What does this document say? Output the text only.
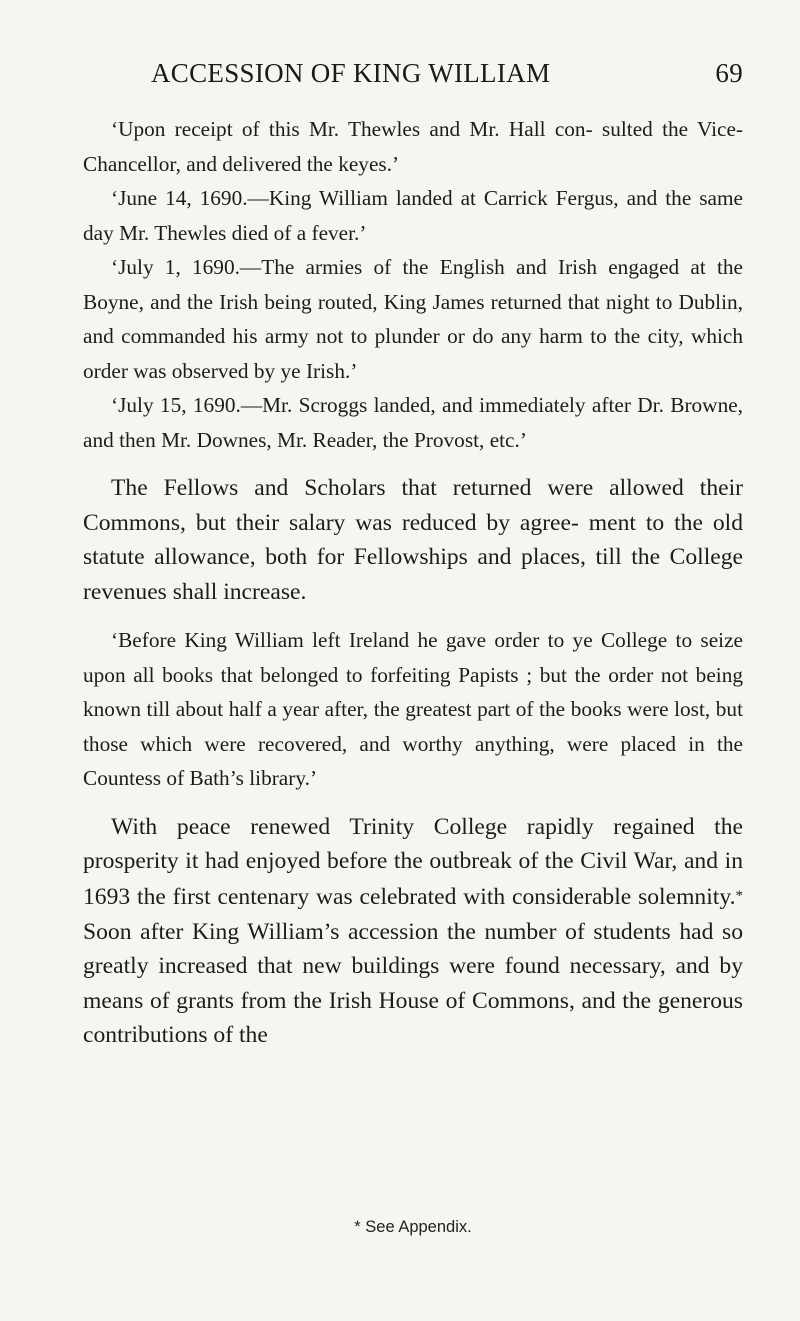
ACCESSION OF KING WILLIAM	69

‘Upon receipt of this Mr. Thewles and Mr. Hall con- sulted the Vice-Chancellor, and delivered the keyes.’

‘June 14, 1690.—King William landed at Carrick Fergus, and the same day Mr. Thewles died of a fever.’

‘July 1, 1690.—The armies of the English and Irish engaged at the Boyne, and the Irish being routed, King James returned that night to Dublin, and commanded his army not to plunder or do any harm to the city, which order was observed by ye Irish.’

‘July 15, 1690.—Mr. Scroggs landed, and immediately after Dr. Browne, and then Mr. Downes, Mr. Reader, the Provost, etc.’

The Fellows and Scholars that returned were allowed their Commons, but their salary was reduced by agree- ment to the old statute allowance, both for Fellowships and places, till the College revenues shall increase.

‘Before King William left Ireland he gave order to ye College to seize upon all books that belonged to forfeiting Papists ; but the order not being known till about half a year after, the greatest part of the books were lost, but those which were recovered, and worthy anything, were placed in the Countess of Bath’s library.’

With peace renewed Trinity College rapidly regained the prosperity it had enjoyed before the outbreak of the Civil War, and in 1693 the first centenary was celebrated with considerable solemnity.* Soon after King William’s accession the number of students had so greatly increased that new buildings were found necessary, and by means of grants from the Irish House of Commons, and the generous contributions of the

* See Appendix.
